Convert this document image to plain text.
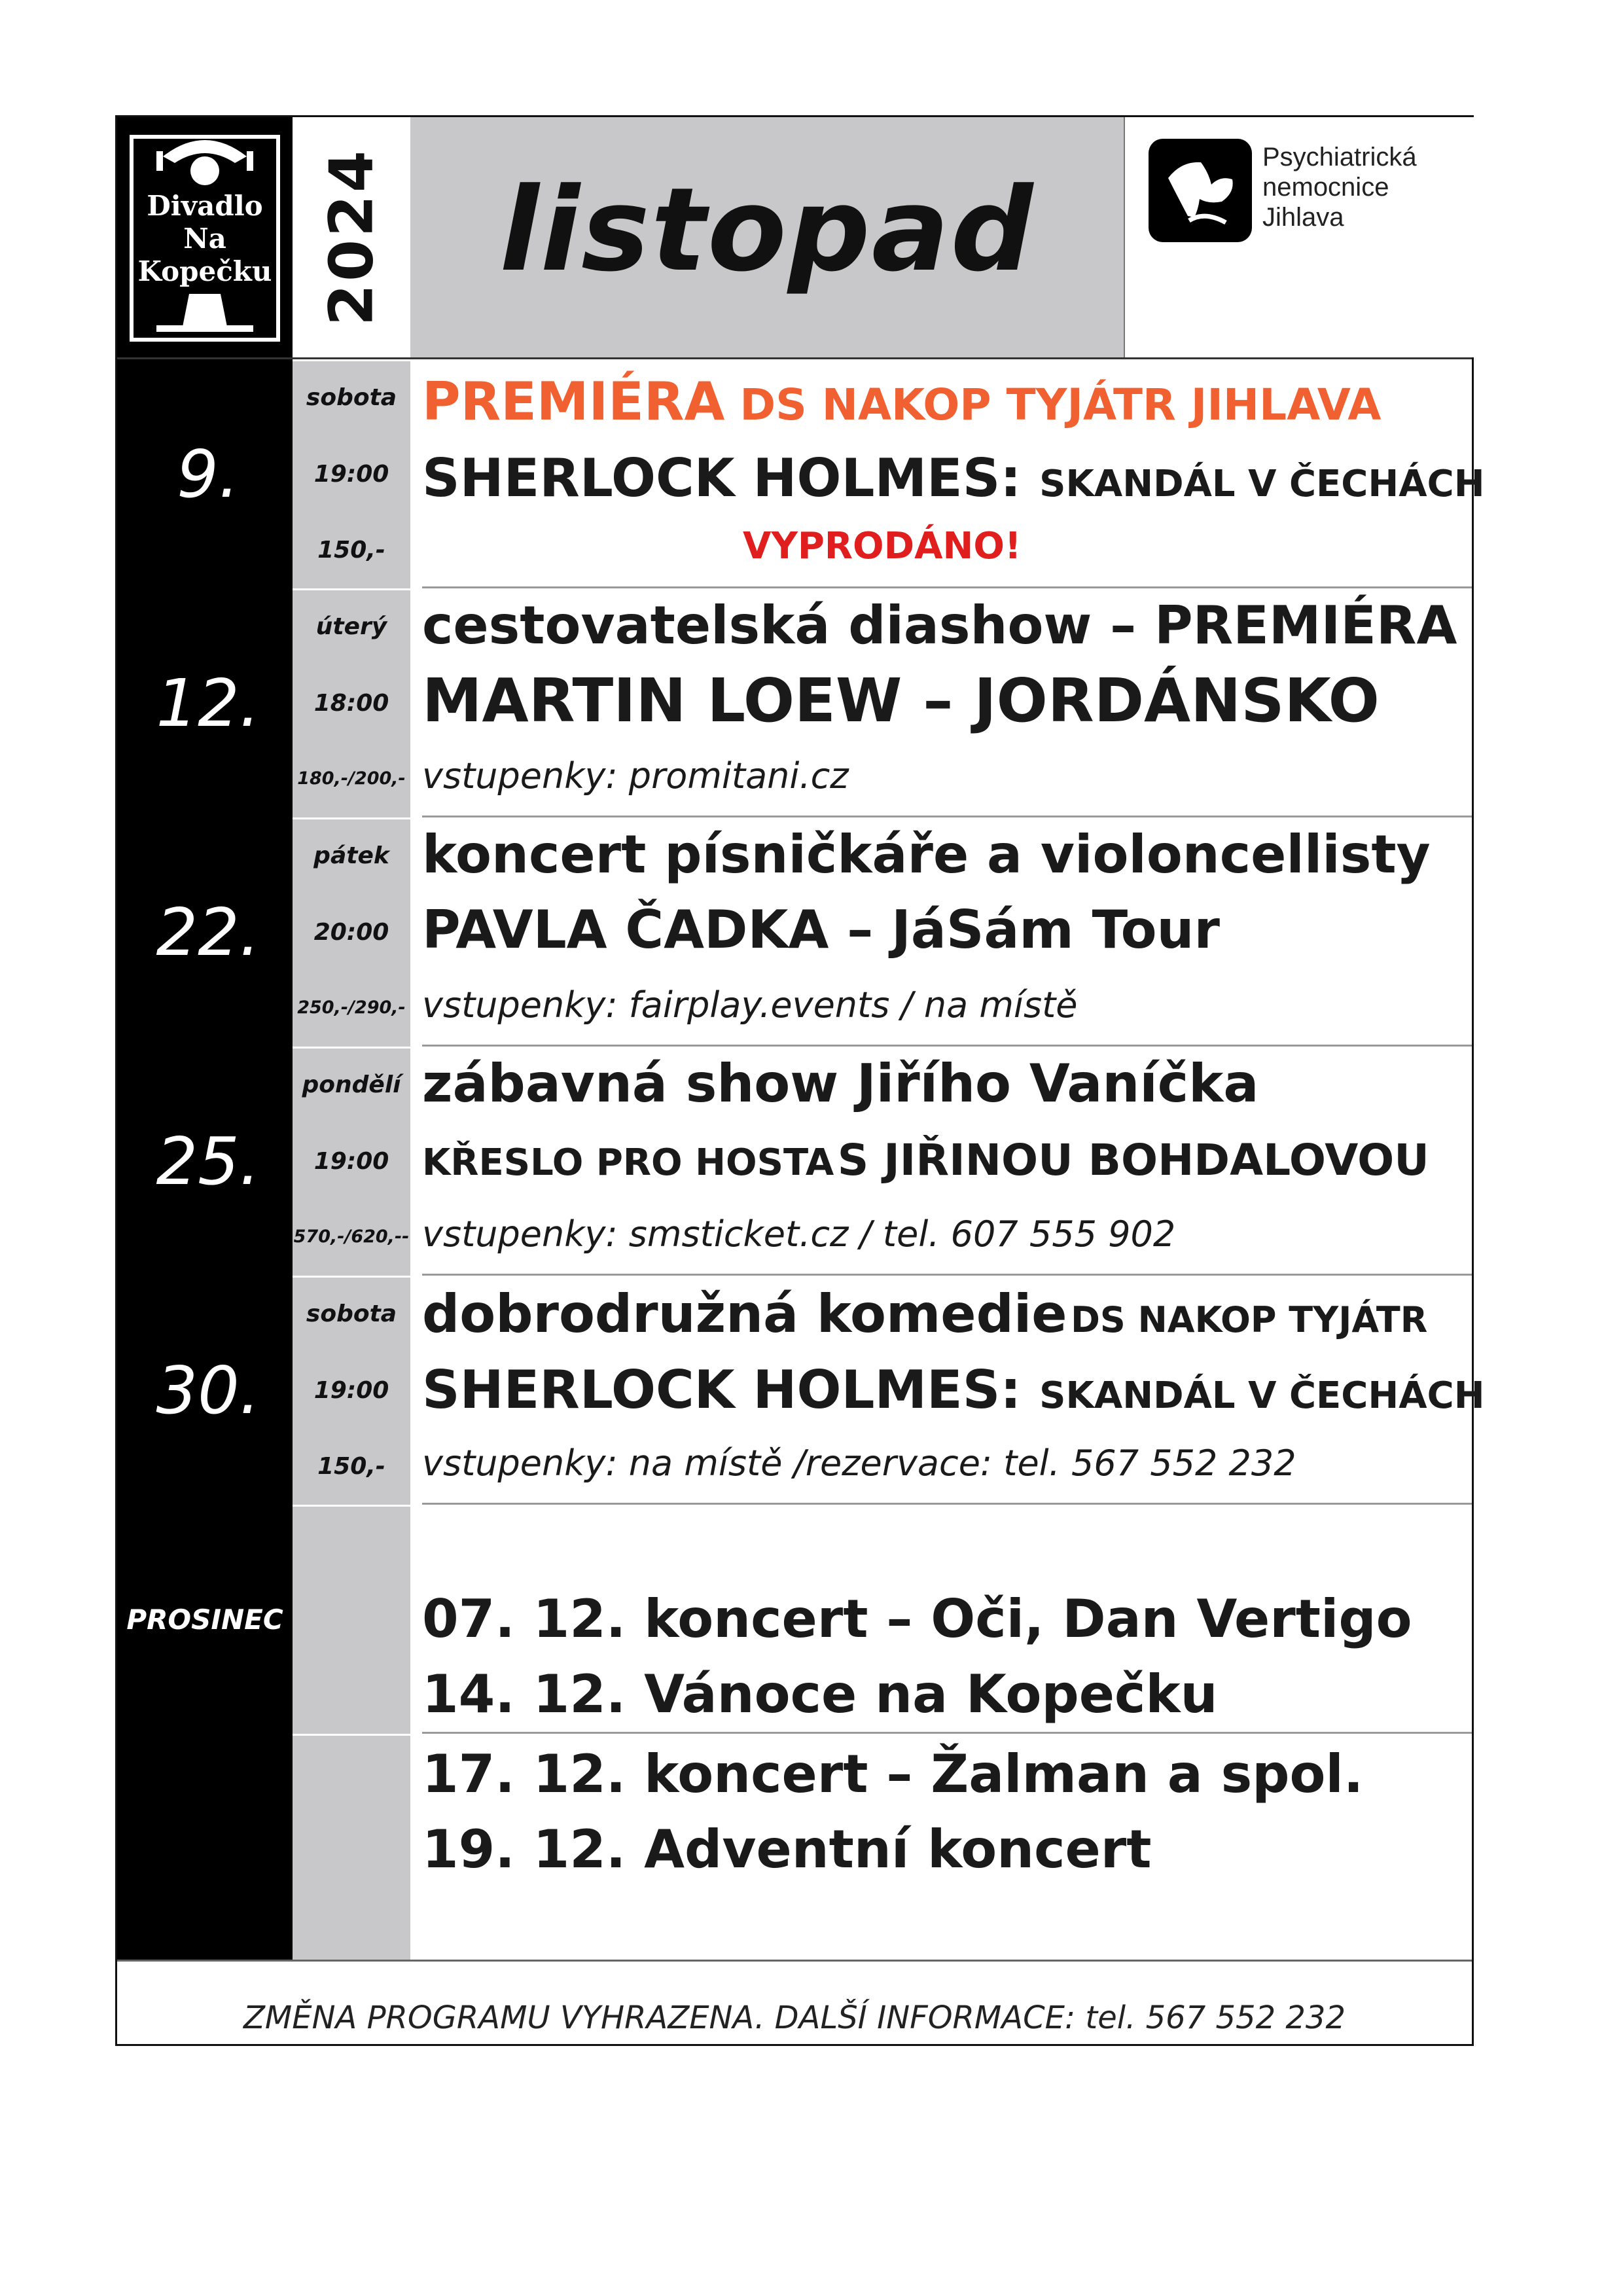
Divadlo
Na
Kopečku 2024 listopad
Psychiatrická
nemocnice
Jihlava
9.
sobota
19:00
150,-
PREMIÉRA DS NAKOP TYJÁTR JIHLAVA
SHERLOCK HOLMES: SKANDÁL V ČECHÁCH
VYPRODÁNO!
12.
úterý
18:00
180,-/200,-
cestovatelská diashow – PREMIÉRA
MARTIN LOEW – JORDÁNSKO
vstupenky: promitani.cz
22.
pátek
20:00
250,-/290,-
koncert písničkáře a violoncellisty
PAVLA ČADKA – JáSám Tour
vstupenky: fairplay.events / na místě
25.
pondělí
19:00
570,-/620,--
zábavná show Jiřího Vaníčka
KŘESLO PRO HOSTA S JIŘINOU BOHDALOVOU
vstupenky: smsticket.cz / tel. 607 555 902
30.
sobota
19:00
150,-
dobrodružná komedie DS NAKOP TYJÁTR
SHERLOCK HOLMES: SKANDÁL V ČECHÁCH
vstupenky: na místě /rezervace: tel. 567 552 232
PROSINEC	07. 12. koncert – Oči, Dan Vertigo
14. 12. Vánoce na Kopečku
17. 12. koncert – Žalman a spol.
19. 12. Adventní koncert
ZMĚNA PROGRAMU VYHRAZENA. DALŠÍ INFORMACE: tel. 567 552 232
